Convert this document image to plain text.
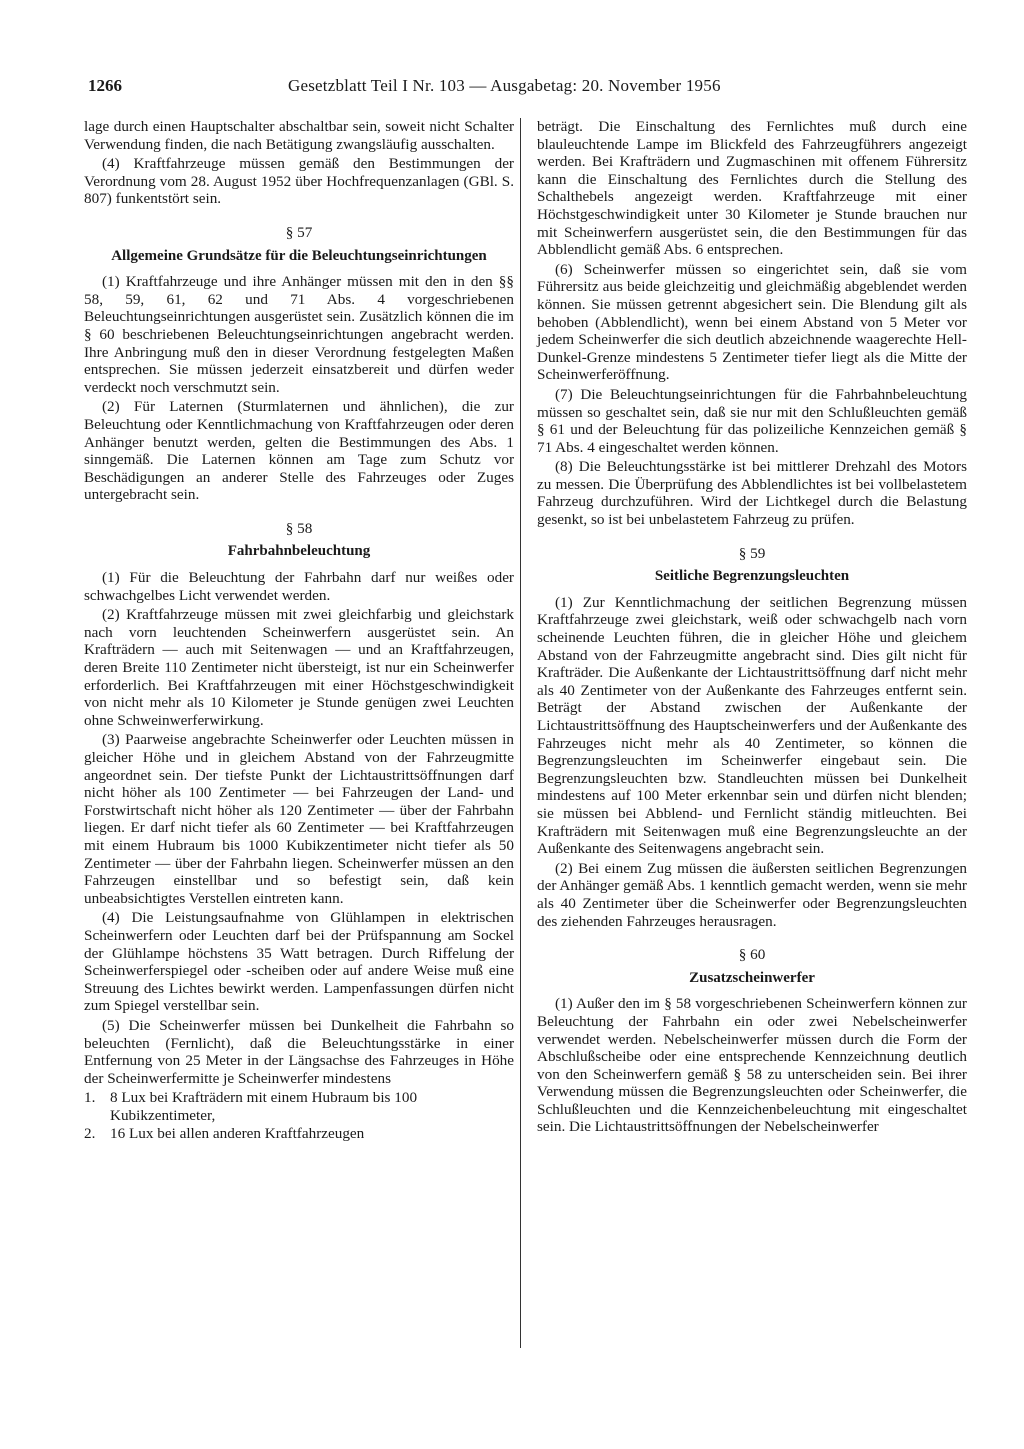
1266	Gesetzblatt Teil I Nr. 103 — Ausgabetag: 20. November 1956

lage durch einen Hauptschalter abschaltbar sein, soweit nicht Schalter Verwendung finden, die nach Betätigung zwangsläufig ausschalten.

(4) Kraftfahrzeuge müssen gemäß den Bestimmungen der Verordnung vom 28. August 1952 über Hochfrequenzanlagen (GBl. S. 807) funkentstört sein.

§ 57
Allgemeine Grundsätze für die Beleuchtungseinrichtungen

(1) Kraftfahrzeuge und ihre Anhänger müssen mit den in den §§ 58, 59, 61, 62 und 71 Abs. 4 vorgeschriebenen Beleuchtungseinrichtungen ausgerüstet sein. Zusätzlich können die im § 60 beschriebenen Beleuchtungseinrichtungen angebracht werden. Ihre Anbringung muß den in dieser Verordnung festgelegten Maßen entsprechen. Sie müssen jederzeit einsatzbereit und dürfen weder verdeckt noch verschmutzt sein.

(2) Für Laternen (Sturmlaternen und ähnlichen), die zur Beleuchtung oder Kenntlichmachung von Kraftfahrzeugen oder deren Anhänger benutzt werden, gelten die Bestimmungen des Abs. 1 sinngemäß. Die Laternen können am Tage zum Schutz vor Beschädigungen an anderer Stelle des Fahrzeuges oder Zuges untergebracht sein.

§ 58
Fahrbahnbeleuchtung

(1) Für die Beleuchtung der Fahrbahn darf nur weißes oder schwachgelbes Licht verwendet werden.

(2) Kraftfahrzeuge müssen mit zwei gleichfarbig und gleichstark nach vorn leuchtenden Scheinwerfern ausgerüstet sein. An Krafträdern — auch mit Seitenwagen — und an Kraftfahrzeugen, deren Breite 110 Zentimeter nicht übersteigt, ist nur ein Scheinwerfer erforderlich. Bei Kraftfahrzeugen mit einer Höchstgeschwindigkeit von nicht mehr als 10 Kilometer je Stunde genügen zwei Leuchten ohne Schweinwerferwirkung.

(3) Paarweise angebrachte Scheinwerfer oder Leuchten müssen in gleicher Höhe und in gleichem Abstand von der Fahrzeugmitte angeordnet sein. Der tiefste Punkt der Lichtaustrittsöffnungen darf nicht höher als 100 Zentimeter — bei Fahrzeugen der Land- und Forstwirtschaft nicht höher als 120 Zentimeter — über der Fahrbahn liegen. Er darf nicht tiefer als 60 Zentimeter — bei Kraftfahrzeugen mit einem Hubraum bis 1000 Kubikzentimeter nicht tiefer als 50 Zentimeter — über der Fahrbahn liegen. Scheinwerfer müssen an den Fahrzeugen einstellbar und so befestigt sein, daß kein unbeabsichtigtes Verstellen eintreten kann.

(4) Die Leistungsaufnahme von Glühlampen in elektrischen Scheinwerfern oder Leuchten darf bei der Prüfspannung am Sockel der Glühlampe höchstens 35 Watt betragen. Durch Riffelung der Scheinwerferspiegel oder -scheiben oder auf andere Weise muß eine Streuung des Lichtes bewirkt werden. Lampenfassungen dürfen nicht zum Spiegel verstellbar sein.

(5) Die Scheinwerfer müssen bei Dunkelheit die Fahrbahn so beleuchten (Fernlicht), daß die Beleuchtungsstärke in einer Entfernung von 25 Meter in der Längsachse des Fahrzeuges in Höhe der Scheinwerfermitte je Scheinwerfer mindestens

1. 8 Lux bei Krafträdern mit einem Hubraum bis 100 Kubikzentimeter,
2. 16 Lux bei allen anderen Kraftfahrzeugen

beträgt. Die Einschaltung des Fernlichtes muß durch eine blauleuchtende Lampe im Blickfeld des Fahrzeugführers angezeigt werden. Bei Krafträdern und Zugmaschinen mit offenem Führersitz kann die Einschaltung des Fernlichtes durch die Stellung des Schalthebels angezeigt werden. Kraftfahrzeuge mit einer Höchstgeschwindigkeit unter 30 Kilometer je Stunde brauchen nur mit Scheinwerfern ausgerüstet sein, die den Bestimmungen für das Abblendlicht gemäß Abs. 6 entsprechen.

(6) Scheinwerfer müssen so eingerichtet sein, daß sie vom Führersitz aus beide gleichzeitig und gleichmäßig abgeblendet werden können. Sie müssen getrennt abgesichert sein. Die Blendung gilt als behoben (Abblendlicht), wenn bei einem Abstand von 5 Meter vor jedem Scheinwerfer die sich deutlich abzeichnende waagerechte Hell-Dunkel-Grenze mindestens 5 Zentimeter tiefer liegt als die Mitte der Scheinwerferöffnung.

(7) Die Beleuchtungseinrichtungen für die Fahrbahnbeleuchtung müssen so geschaltet sein, daß sie nur mit den Schlußleuchten gemäß § 61 und der Beleuchtung für das polizeiliche Kennzeichen gemäß § 71 Abs. 4 eingeschaltet werden können.

(8) Die Beleuchtungsstärke ist bei mittlerer Drehzahl des Motors zu messen. Die Überprüfung des Abblendlichtes ist bei vollbelastetem Fahrzeug durchzuführen. Wird der Lichtkegel durch die Belastung gesenkt, so ist bei unbelastetem Fahrzeug zu prüfen.

§ 59
Seitliche Begrenzungsleuchten

(1) Zur Kenntlichmachung der seitlichen Begrenzung müssen Kraftfahrzeuge zwei gleichstark, weiß oder schwachgelb nach vorn scheinende Leuchten führen, die in gleicher Höhe und gleichem Abstand von der Fahrzeugmitte angebracht sind. Dies gilt nicht für Krafträder. Die Außenkante der Lichtaustrittsöffnung darf nicht mehr als 40 Zentimeter von der Außenkante des Fahrzeuges entfernt sein. Beträgt der Abstand zwischen der Außenkante der Lichtaustrittsöffnung des Hauptscheinwerfers und der Außenkante des Fahrzeuges nicht mehr als 40 Zentimeter, so können die Begrenzungsleuchten im Scheinwerfer eingebaut sein. Die Begrenzungsleuchten bzw. Standleuchten müssen bei Dunkelheit mindestens auf 100 Meter erkennbar sein und dürfen nicht blenden; sie müssen bei Abblend- und Fernlicht ständig mitleuchten. Bei Krafträdern mit Seitenwagen muß eine Begrenzungsleuchte an der Außenkante des Seitenwagens angebracht sein.

(2) Bei einem Zug müssen die äußersten seitlichen Begrenzungen der Anhänger gemäß Abs. 1 kenntlich gemacht werden, wenn sie mehr als 40 Zentimeter über die Scheinwerfer oder Begrenzungsleuchten des ziehenden Fahrzeuges herausragen.

§ 60
Zusatzscheinwerfer

(1) Außer den im § 58 vorgeschriebenen Scheinwerfern können zur Beleuchtung der Fahrbahn ein oder zwei Nebelscheinwerfer verwendet werden. Nebelscheinwerfer müssen durch die Form der Abschlußscheibe oder eine entsprechende Kennzeichnung deutlich von den Scheinwerfern gemäß § 58 zu unterscheiden sein. Bei ihrer Verwendung müssen die Begrenzungsleuchten oder Scheinwerfer, die Schlußleuchten und die Kennzeichenbeleuchtung mit eingeschaltet sein. Die Lichtaustrittsöffnungen der Nebelscheinwerfer
